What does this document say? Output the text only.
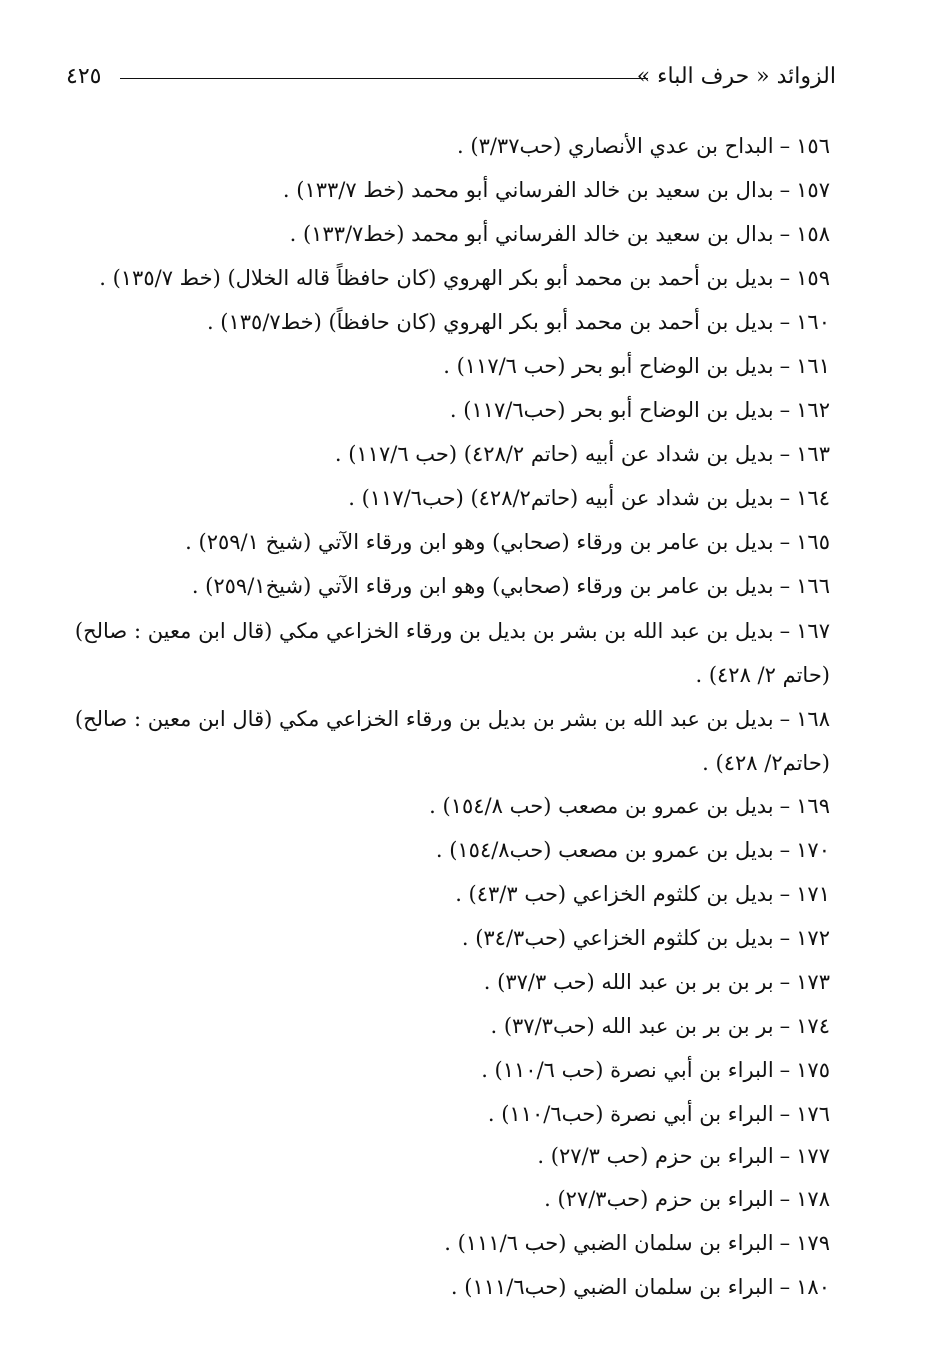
الزوائد « حرف الباء »
٤٢٥
١٥٦–البداح بن عدي الأنصاري (حب٣/٣٧) .
١٥٧–بدال بن سعيد بن خالد الفرساني أبو محمد (خط ١٣٣/٧) .
١٥٨–بدال بن سعيد بن خالد الفرساني أبو محمد (خط١٣٣/٧) .
١٥٩–بديل بن أحمد بن محمد أبو بكر الهروي (كان حافظاً قاله الخلال) (خط ١٣٥/٧) .
١٦٠–بديل بن أحمد بن محمد أبو بكر الهروي (كان حافظاً) (خط١٣٥/٧) .
١٦١–بديل بن الوضاح أبو بحر (حب ١١٧/٦) .
١٦٢–بديل بن الوضاح أبو بحر (حب١١٧/٦) .
١٦٣–بديل بن شداد عن أبيه (حاتم ٤٢٨/٢) (حب ١١٧/٦) .
١٦٤–بديل بن شداد عن أبيه (حاتم٤٢٨/٢) (حب١١٧/٦) .
١٦٥–بديل بن عامر بن ورقاء (صحابي) وهو ابن ورقاء الآتي (شيخ ٢٥٩/١) .
١٦٦–بديل بن عامر بن ورقاء (صحابي) وهو ابن ورقاء الآتي (شيخ٢٥٩/١) .
١٦٧–بديل بن عبد الله بن بشر بن بديل بن ورقاء الخزاعي مكي (قال ابن معين : صالح) (حاتم ٢/ ٤٢٨) .
١٦٨–بديل بن عبد الله بن بشر بن بديل بن ورقاء الخزاعي مكي (قال ابن معين : صالح) (حاتم٢/ ٤٢٨) .
١٦٩–بديل بن عمرو بن مصعب (حب ١٥٤/٨) .
١٧٠–بديل بن عمرو بن مصعب (حب١٥٤/٨) .
١٧١–بديل بن كلثوم الخزاعي (حب ٤٣/٣) .
١٧٢–بديل بن كلثوم الخزاعي (حب٣٤/٣) .
١٧٣–بر بن بر بن عبد الله (حب ٣٧/٣) .
١٧٤–بر بن بر بن عبد الله (حب٣٧/٣) .
١٧٥–البراء بن أبي نصرة (حب ١١٠/٦) .
١٧٦–البراء بن أبي نصرة (حب١١٠/٦) .
١٧٧–البراء بن حزم (حب ٢٧/٣) .
١٧٨–البراء بن حزم (حب٢٧/٣) .
١٧٩–البراء بن سلمان الضبي (حب ١١١/٦) .
١٨٠–البراء بن سلمان الضبي (حب١١١/٦) .
